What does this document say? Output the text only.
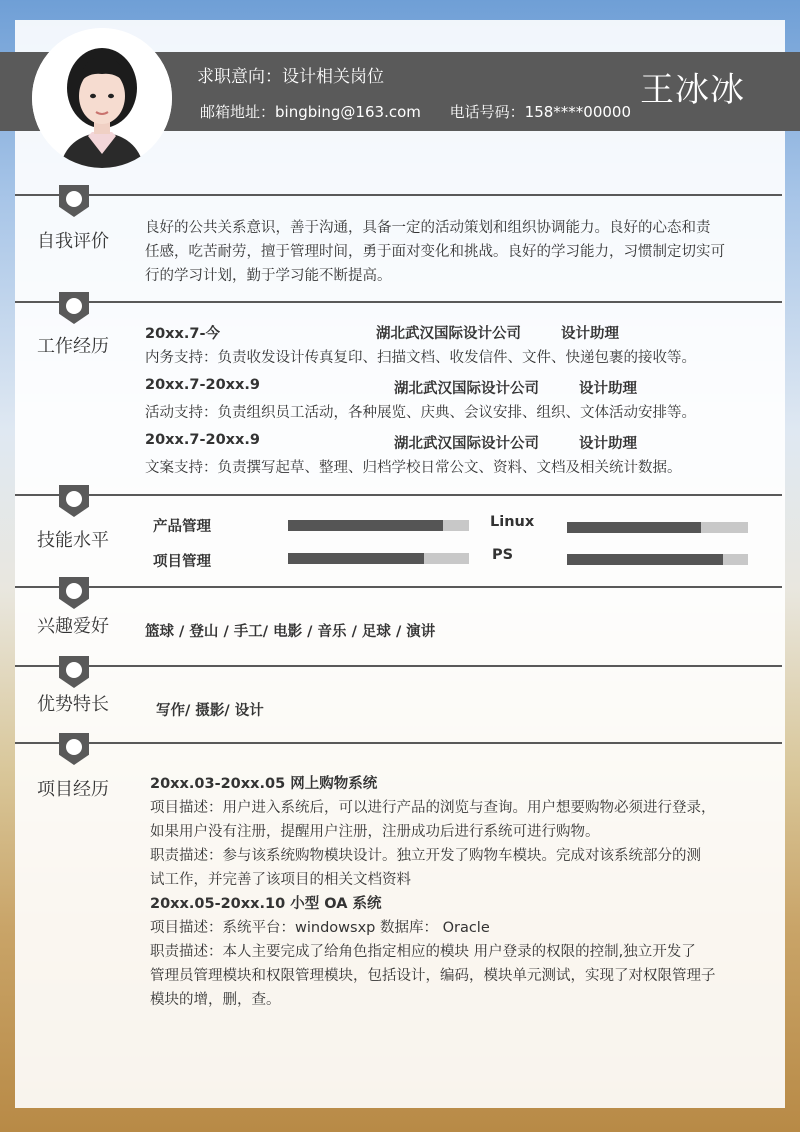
求职意向：设计相关岗位
邮箱地址：bingbing@163.com 电话号码：158****00000
王冰冰
自我评价
良好的公共关系意识，善于沟通，具备一定的活动策划和组织协调能力。良好的心态和责
任感，吃苦耐劳，擅于管理时间，勇于面对变化和挑战。良好的学习能力，习惯制定切实可
行的学习计划，勤于学习能不断提高。
工作经历
20xx.7-今	湖北武汉国际设计公司	设计助理
内务支持：负责收发设计传真复印、扫描文档、收发信件、文件、快递包裹的接收等。
20xx.7-20xx.9	湖北武汉国际设计公司	设计助理
活动支持：负责组织员工活动，各种展览、庆典、会议安排、组织、文体活动安排等。
20xx.7-20xx.9	湖北武汉国际设计公司	设计助理
文案支持：负责撰写起草、整理、归档学校日常公文、资料、文档及相关统计数据。
技能水平
产品管理
项目管理
Linux
PS
兴趣爱好 篮球 / 登山 / 手工/ 电影 / 音乐 / 足球 / 演讲
优势特长	写作/ 摄影/ 设计
项目经历	20xx.03-20xx.05 网上购物系统
项目描述：用户进入系统后，可以进行产品的浏览与查询。用户想要购物必须进行登录，
如果用户没有注册，提醒用户注册，注册成功后进行系统可进行购物。
职责描述：参与该系统购物模块设计。独立开发了购物车模块。完成对该系统部分的测
试工作，并完善了该项目的相关文档资料
20xx.05-20xx.10 小型 OA 系统
项目描述：系统平台：windowsxp 数据库： Oracle
职责描述：本人主要完成了给角色指定相应的模块 用户登录的权限的控制,独立开发了
管理员管理模块和权限管理模块，包括设计，编码，模块单元测试，实现了对权限管理子
模块的增，删，查。
